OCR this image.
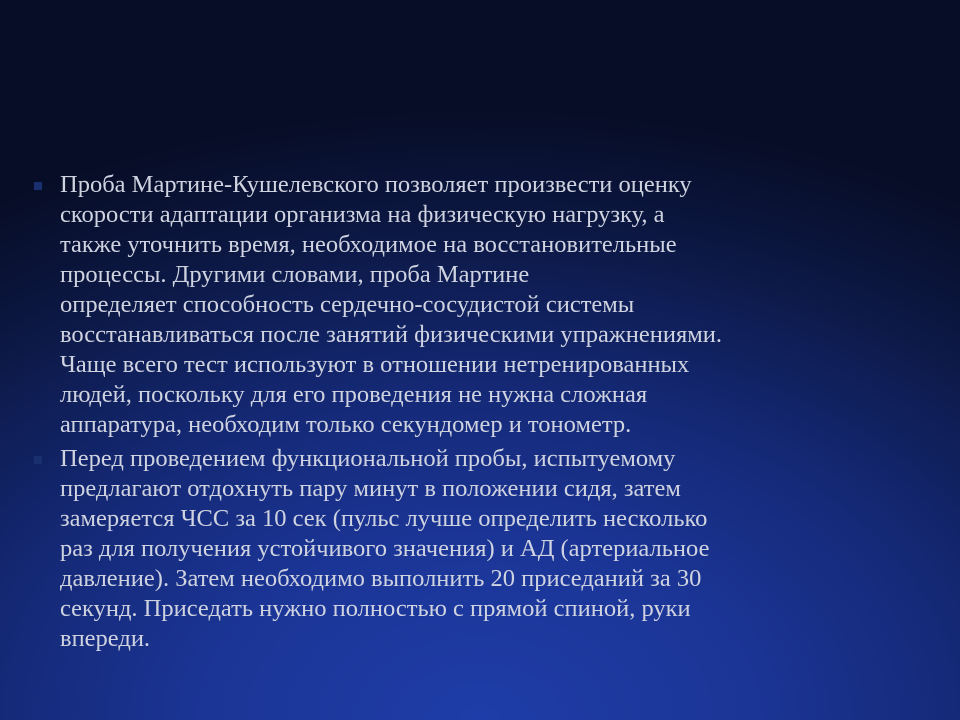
Проба Мартине-Кушелевского позволяет произвести оценку
скорости адаптации организма на физическую нагрузку, а
также уточнить время, необходимое на восстановительные
процессы. Другими словами, проба Мартине
определяет способность сердечно-сосудистой системы
восстанавливаться после занятий физическими упражнениями.
Чаще всего тест используют в отношении нетренированных
людей, поскольку для его проведения не нужна сложная
аппаратура, необходим только секундомер и тонометр.
Перед проведением функциональной пробы, испытуемому
предлагают отдохнуть пару минут в положении сидя, затем
замеряется ЧСС за 10 сек (пульс лучше определить несколько
раз для получения устойчивого значения) и АД (артериальное
давление). Затем необходимо выполнить 20 приседаний за 30
секунд. Приседать нужно полностью с прямой спиной, руки
впереди.
